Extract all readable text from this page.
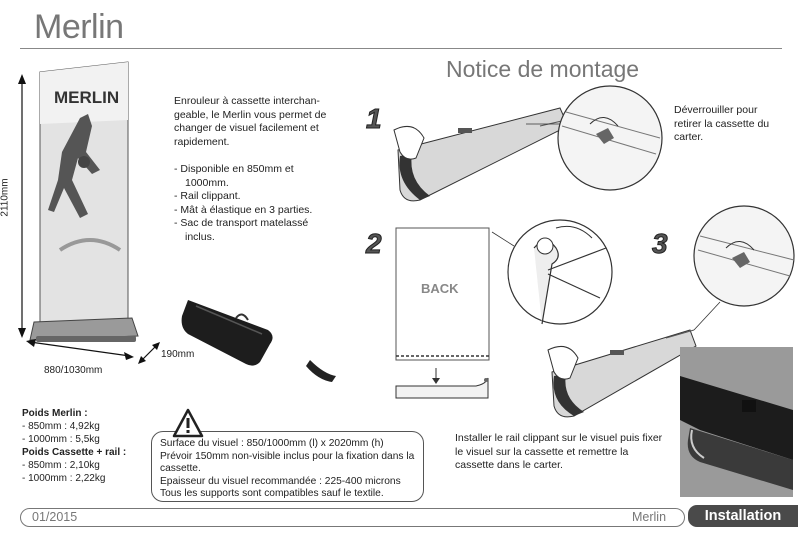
Merlin
Notice de montage
2110mm
880/1030mm
190mm
MERLIN	Enrouleur à cassette interchan-geable, le Merlin vous permet de changer de visuel facilement et rapidement.
- Disponible en 850mm et 1000mm.
- Rail clippant.
- Mât à élastique en 3 parties.
- Sac de transport matelassé inclus.
Poids Merlin :
- 850mm : 4,92kg
- 1000mm : 5,5kg
Poids Cassette + rail :
- 850mm : 2,10kg
- 1000mm : 2,22kg
Surface du visuel : 850/1000mm (l) x 2020mm (h)
Prévoir 150mm non-visible inclus pour la fixation dans la cassette.
Epaisseur du visuel recommandée : 225-400 microns
Tous les supports sont compatibles sauf le textile.
1
2	3
BACK
Déverrouiller pour retirer la cassette du carter.
Installer le rail clippant sur le visuel puis fixer le visuel sur la cassette et remettre la cassette dans le carter.
01/2015	Merlin	Installation
